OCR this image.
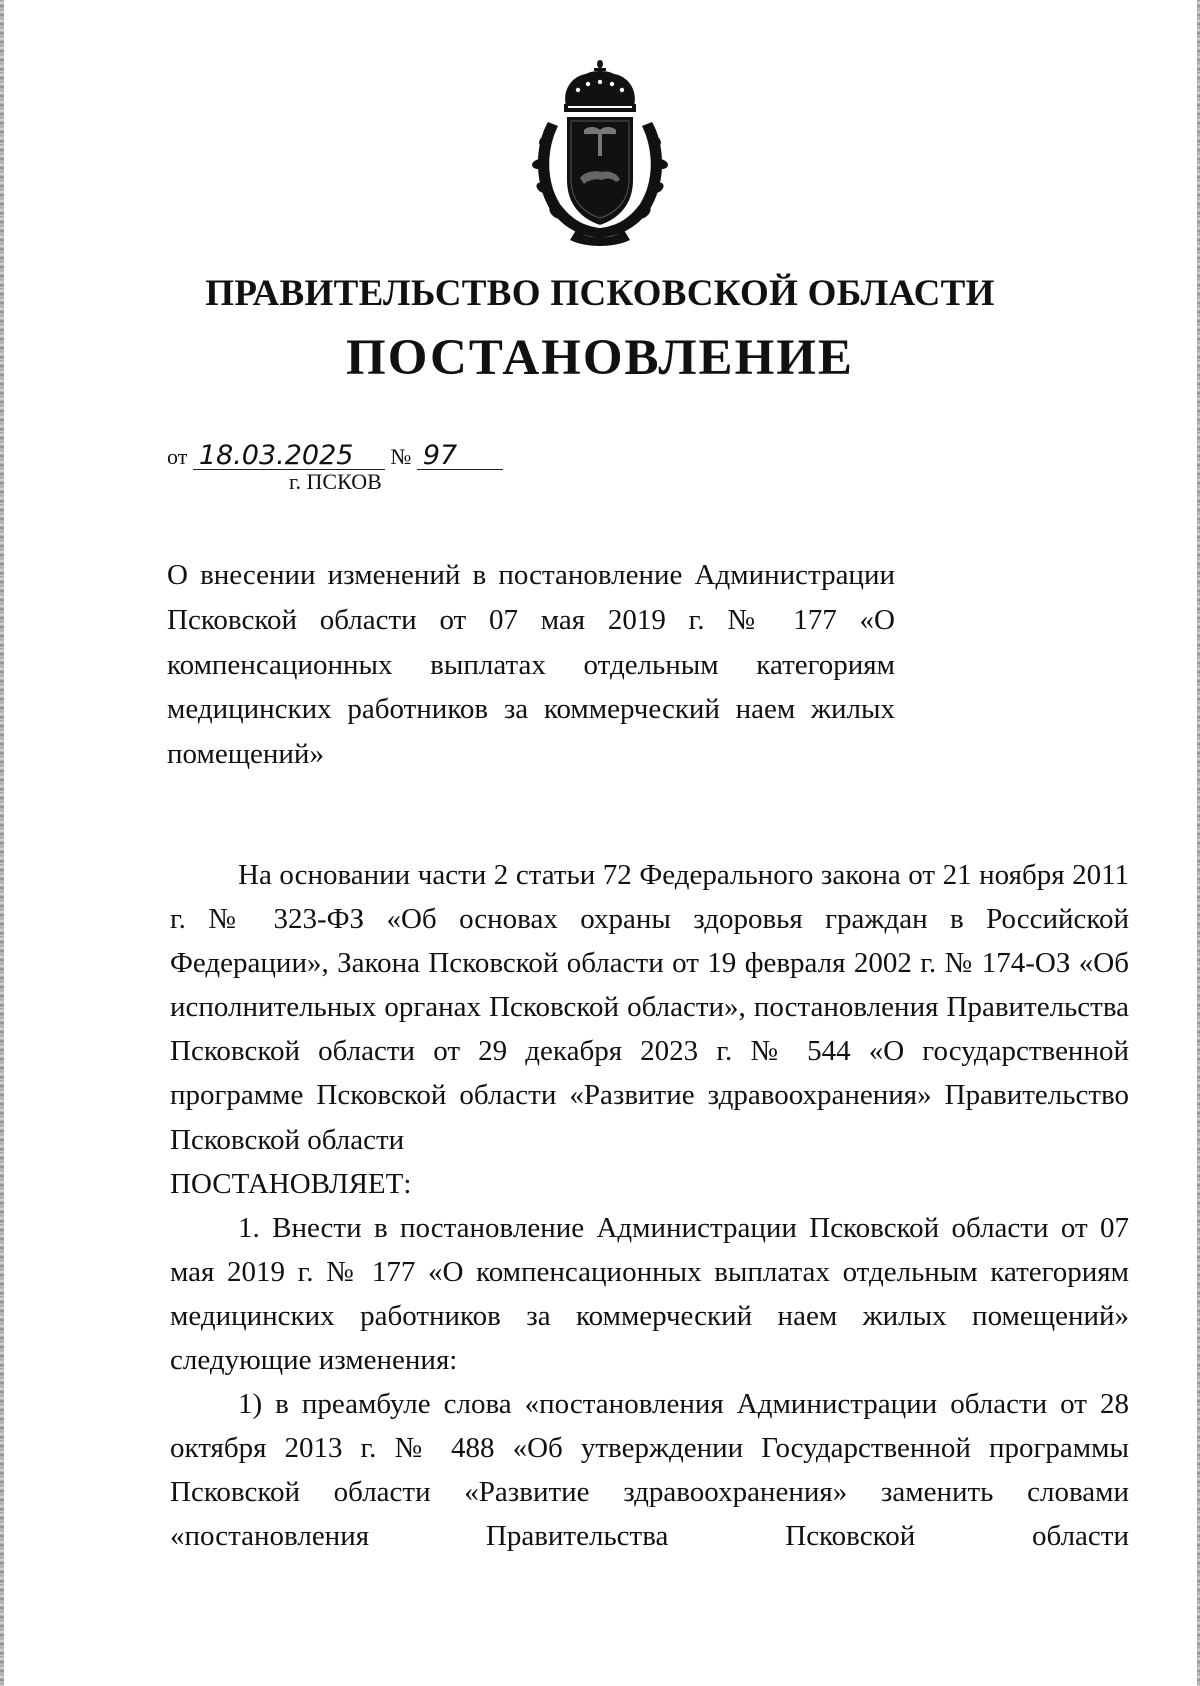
ПРАВИТЕЛЬСТВО ПСКОВСКОЙ ОБЛАСТИ
ПОСТАНОВЛЕНИЕ
от 18.03.2025 № 97
г. ПСКОВ

О внесении изменений в постановление Администрации Псковской области от 07 мая 2019 г. № 177 «О компенсационных выплатах отдельным категориям медицинских работников за коммерческий наем жилых помещений»

На основании части 2 статьи 72 Федерального закона от 21 ноября 2011 г. № 323-ФЗ «Об основах охраны здоровья граждан в Российской Федерации», Закона Псковской области от 19 февраля 2002 г. № 174-ОЗ «Об исполнительных органах Псковской области», постановления Правительства Псковской области от 29 декабря 2023 г. № 544 «О государственной программе Псковской области «Развитие здравоохранения» Правительство Псковской области

ПОСТАНОВЛЯЕТ:

1. Внести в постановление Администрации Псковской области от 07 мая 2019 г. № 177 «О компенсационных выплатах отдельным категориям медицинских работников за коммерческий наем жилых помещений» следующие изменения:

1) в преамбуле слова «постановления Администрации области от 28 октября 2013 г. № 488 «Об утверждении Государственной программы Псковской области «Развитие здравоохранения» заменить словами «постановления Правительства Псковской области
